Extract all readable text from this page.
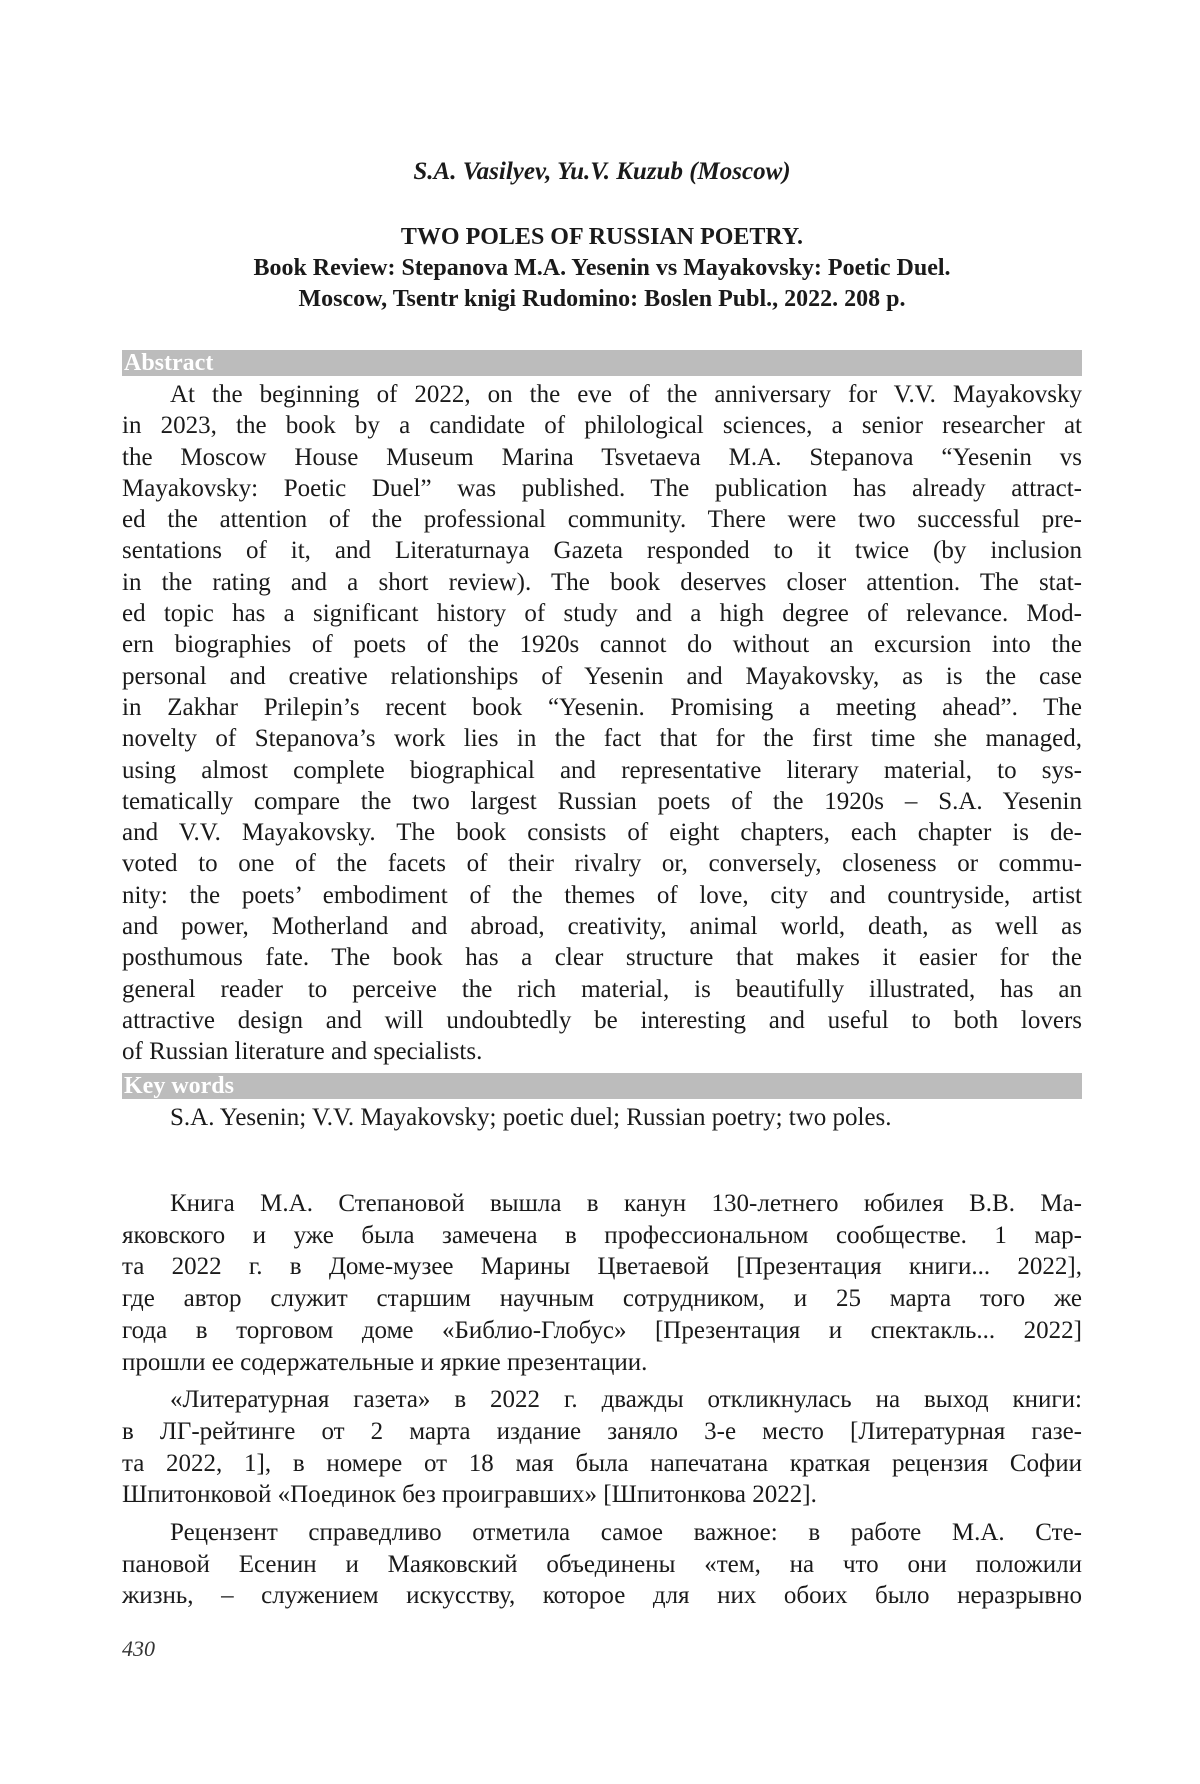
S.A. Vasilyev, Yu.V. Kuzub (Moscow)
TWO POLES OF RUSSIAN POETRY.
Book Review: Stepanova M.A. Yesenin vs Mayakovsky: Poetic Duel.
Moscow, Tsentr knigi Rudomino: Boslen Publ., 2022. 208 p.
Abstract
At the beginning of 2022, on the eve of the anniversary for V.V. Mayakovsky
in 2023, the book by a candidate of philological sciences, a senior researcher at
the Moscow House Museum Marina Tsvetaeva M.A. Stepanova “Yesenin vs
Mayakovsky: Poetic Duel” was published. The publication has already attract-
ed the attention of the professional community. There were two successful pre-
sentations of it, and Literaturnaya Gazeta responded to it twice (by inclusion
in the rating and a short review). The book deserves closer attention. The stat-
ed topic has a significant history of study and a high degree of relevance. Mod-
ern biographies of poets of the 1920s cannot do without an excursion into the
personal and creative relationships of Yesenin and Mayakovsky, as is the case
in Zakhar Prilepin’s recent book “Yesenin. Promising a meeting ahead”. The
novelty of Stepanova’s work lies in the fact that for the first time she managed,
using almost complete biographical and representative literary material, to sys-
tematically compare the two largest Russian poets of the 1920s – S.A. Yesenin
and V.V. Mayakovsky. The book consists of eight chapters, each chapter is de-
voted to one of the facets of their rivalry or, conversely, closeness or commu-
nity: the poets’ embodiment of the themes of love, city and countryside, artist
and power, Motherland and abroad, creativity, animal world, death, as well as
posthumous fate. The book has a clear structure that makes it easier for the
general reader to perceive the rich material, is beautifully illustrated, has an
attractive design and will undoubtedly be interesting and useful to both lovers
of Russian literature and specialists.
Key words
S.A. Yesenin; V.V. Mayakovsky; poetic duel; Russian poetry; two poles.
Книга М.А. Степановой вышла в канун 130-летнего юбилея В.В. Ма-
яковского и уже была замечена в профессиональном сообществе. 1 мар-
та 2022 г. в Доме-музее Марины Цветаевой [Презентация книги... 2022],
где автор служит старшим научным сотрудником, и 25 марта того же
года в торговом доме «Библио-Глобус» [Презентация и спектакль... 2022]
прошли ее содержательные и яркие презентации.
«Литературная газета» в 2022 г. дважды откликнулась на выход книги:
в ЛГ-рейтинге от 2 марта издание заняло 3-е место [Литературная газе-
та 2022, 1], в номере от 18 мая была напечатана краткая рецензия Софии
Шпитонковой «Поединок без проигравших» [Шпитонкова 2022].
Рецензент справедливо отметила самое важное: в работе М.А. Сте-
пановой Есенин и Маяковский объединены «тем, на что они положили
жизнь, – служением искусству, которое для них обоих было неразрывно
430
